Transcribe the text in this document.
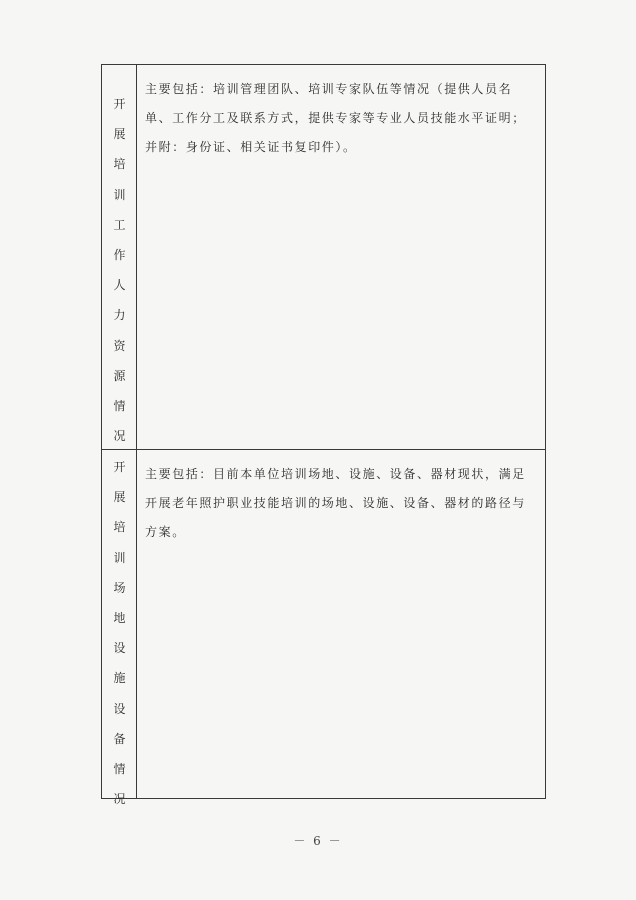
开
展
培
训
工
作
人
力
资
源
情
况
主要包括：培训管理团队、培训专家队伍等情况（提供人员名单、工作分工及联系方式，提供专家等专业人员技能水平证明；并附：身份证、相关证书复印件）。
开
展
培
训
场
地
设
施
设
备
情
况
主要包括：目前本单位培训场地、设施、设备、器材现状，满足开展老年照护职业技能培训的场地、设施、设备、器材的路径与方案。
－ 6 －
